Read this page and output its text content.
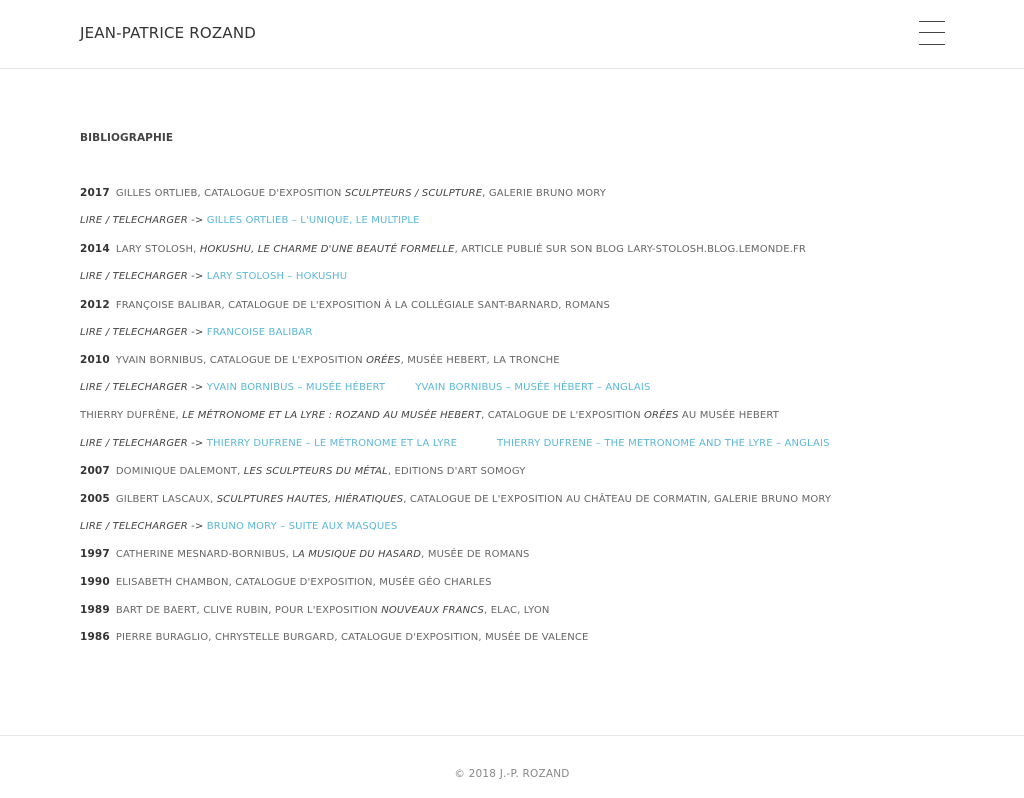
JEAN-PATRICE ROZAND
BIBLIOGRAPHIE
2017 GILLES ORTLIEB, CATALOGUE D'EXPOSITION SCULPTEURS / SCULPTURE, GALERIE BRUNO MORY
LIRE / TELECHARGER -> GILLES ORTLIEB – L'UNIQUE, LE MULTIPLE
2014 LARY STOLOSH, HOKUSHU, LE CHARME D'UNE BEAUTÉ FORMELLE, ARTICLE PUBLIÉ SUR SON BLOG LARY-STOLOSH.BLOG.LEMONDE.FR
LIRE / TELECHARGER -> LARY STOLOSH – HOKUSHU
2012 FRANÇOISE BALIBAR, CATALOGUE DE L'EXPOSITION À LA COLLÉGIALE SANT-BARNARD, ROMANS
LIRE / TELECHARGER -> FRANCOISE BALIBAR
2010 YVAIN BORNIBUS, CATALOGUE DE L'EXPOSITION ORÉES, MUSÉE HEBERT, LA TRONCHE
LIRE / TELECHARGER -> YVAIN BORNIBUS – MUSÉE HÉBERT	YVAIN BORNIBUS – MUSÉE HÉBERT – ANGLAIS
THIERRY DUFRÊNE, LE MÉTRONOME ET LA LYRE : ROZAND AU MUSÉE HEBERT, CATALOGUE DE L'EXPOSITION ORÉES AU MUSÉE HEBERT
LIRE / TELECHARGER -> THIERRY DUFRENE – LE MÉTRONOME ET LA LYRE	THIERRY DUFRENE – THE METRONOME AND THE LYRE – ANGLAIS
2007 DOMINIQUE DALEMONT, LES SCULPTEURS DU MÉTAL, EDITIONS D'ART SOMOGY
2005 GILBERT LASCAUX, SCULPTURES HAUTES, HIÉRATIQUES, CATALOGUE DE L'EXPOSITION AU CHÂTEAU DE CORMATIN, GALERIE BRUNO MORY
LIRE / TELECHARGER -> BRUNO MORY – SUITE AUX MASQUES
1997 CATHERINE MESNARD-BORNIBUS, LA MUSIQUE DU HASARD, MUSÉE DE ROMANS
1990 ELISABETH CHAMBON, CATALOGUE D'EXPOSITION, MUSÉE GÉO CHARLES
1989 BART DE BAERT, CLIVE RUBIN, POUR L'EXPOSITION NOUVEAUX FRANCS, ELAC, LYON
1986 PIERRE BURAGLIO, CHRYSTELLE BURGARD, CATALOGUE D'EXPOSITION, MUSÉE DE VALENCE
© 2018 J.-P. ROZAND
